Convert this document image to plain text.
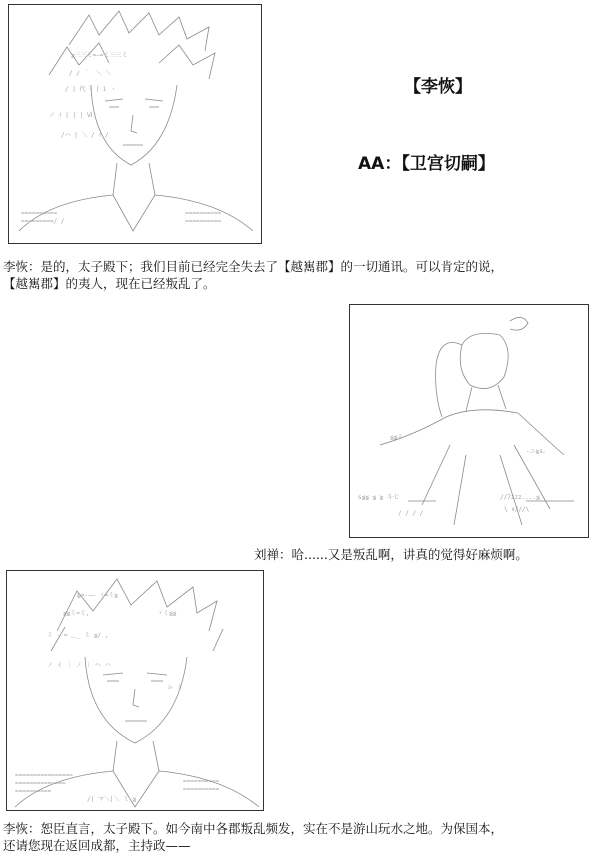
≦三三ミ=―=ミ三三ミ
/ / ｀　＼ ＼
/ | 代 ﾐ | i ヽ
ノ ｲ | | | Ⅵ
/ハ | ＼ / ｲ /
==========
=========/ /
==========
==========
【李恢】
AA：【卫宫切嗣】
李恢：是的，太子殿下；我们目前已经完全失去了【越嶲郡】的一切通讯。可以肯定的说，
【越嶲郡】的夷人，现在已经叛乱了。
≦≦ミ
-ニ≧s。
s≦≦ ≦ ≧ 斗七	//7zzz....≦
\ ∨///\
/ / / /
刘禅：哈......又是叛乱啊，讲真的觉得好麻烦啊。
≧=-―― ヾ=ミ≧
≦≧ミ=ミ,	ヾミ≦≦
ミ ‐ = ＿_ ミ ≦/ ,
ノ イ ｜ ノ ｜ ヘ ハ
ム ミ
================
==============
==========
==========
==========
/| マ＼|＼ ミ ≦
李恢：恕臣直言，太子殿下。如今南中各郡叛乱频发，实在不是游山玩水之地。为保国本，
还请您现在返回成都，主持政——
